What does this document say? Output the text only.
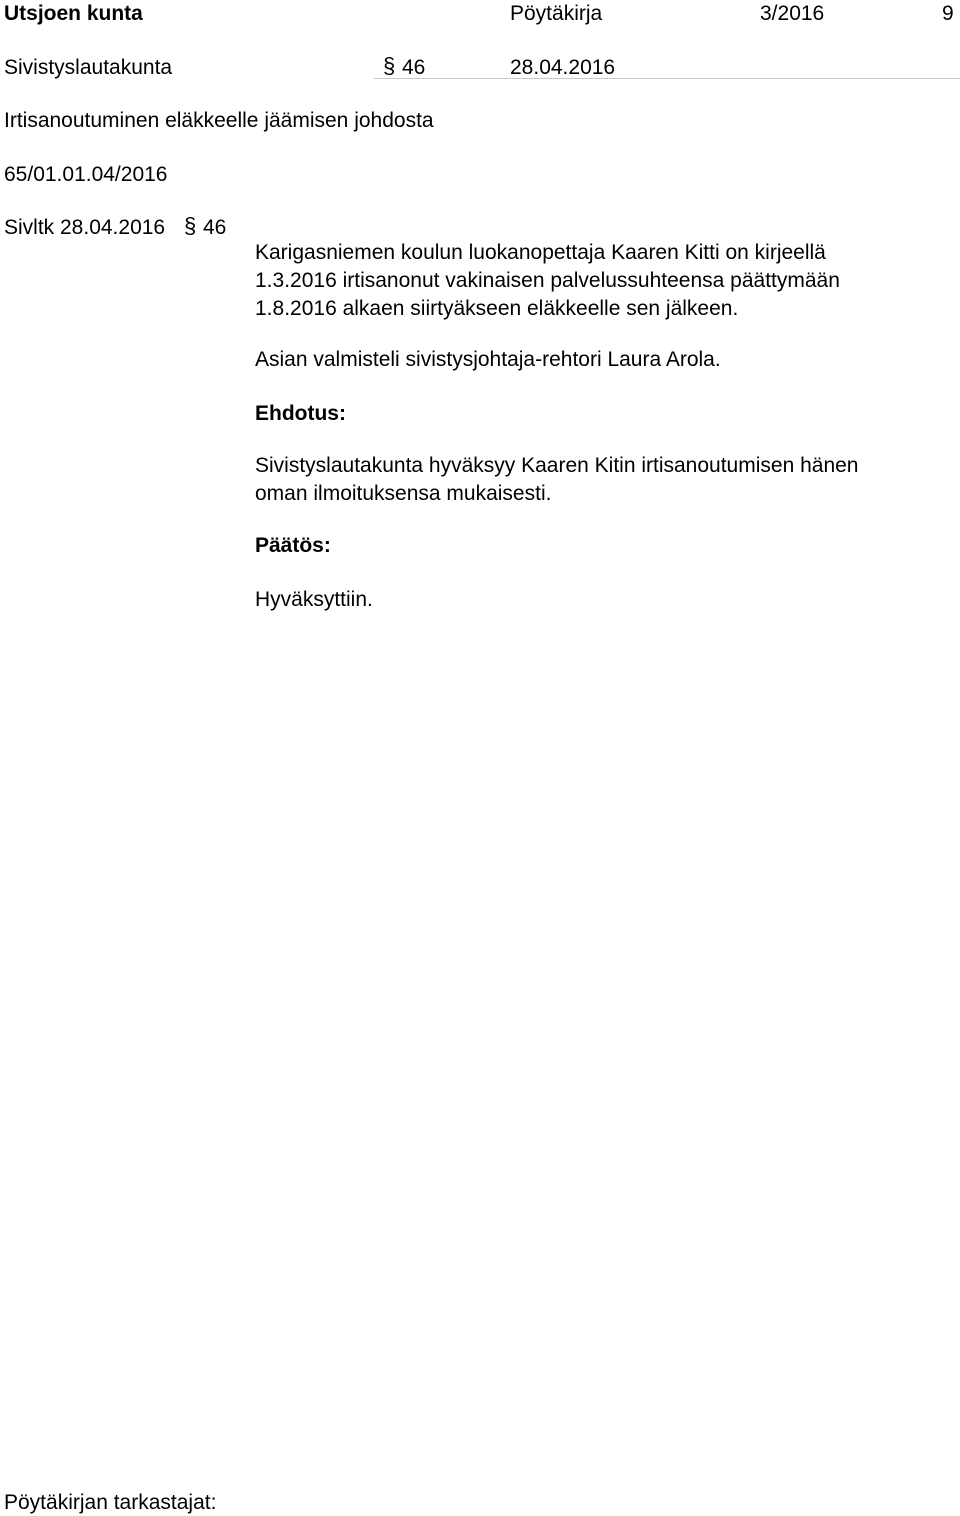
Utsjoen kunta	Pöytäkirja	3/2016	9
Sivistyslautakunta	§ 46	28.04.2016
Irtisanoutuminen eläkkeelle jäämisen johdosta
65/01.01.04/2016
Sivltk 28.04.2016 § 46
Karigasniemen koulun luokanopettaja Kaaren Kitti on kirjeellä
1.3.2016 irtisanonut vakinaisen palvelussuhteensa päättymään
1.8.2016 alkaen siirtyäkseen eläkkeelle sen jälkeen.
Asian valmisteli sivistysjohtaja-rehtori Laura Arola.
Ehdotus:
Sivistyslautakunta hyväksyy Kaaren Kitin irtisanoutumisen hänen
oman ilmoituksensa mukaisesti.
Päätös:
Hyväksyttiin.
Pöytäkirjan tarkastajat:
